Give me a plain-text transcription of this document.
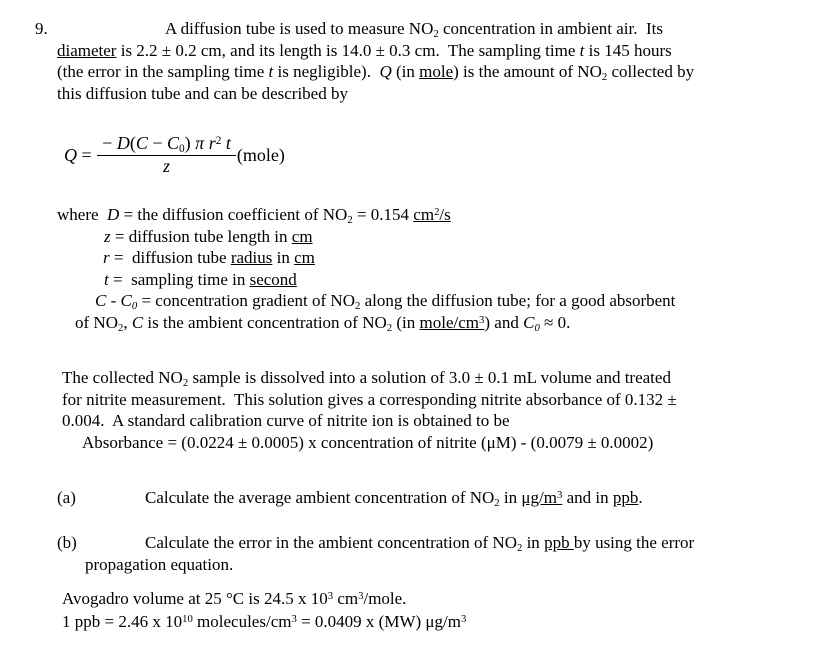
9.	A diffusion tube is used to measure NO2 concentration in ambient air.  Its
diameter is 2.2 ± 0.2 cm, and its length is 14.0 ± 0.3 cm.  The sampling time t is 145 hours
(the error in the sampling time t is negligible).  Q (in mole) is the amount of NO2 collected by
this diffusion tube and can be described by
$Q = \frac{- D(C - C0) \pi r^2 t}{z}$ (mole)
where  D = the diffusion coefficient of NO2 = 0.154 $cm^2/s$
z = diffusion tube length in cm
r =  diffusion tube radius in cm
t =  sampling time in second
C - C0 = concentration gradient of NO2 along the diffusion tube; for a good absorbent
of NO2, C is the ambient concentration of NO2 (in mole/$cm^3$) and C0 ≈ 0.
The collected NO2 sample is dissolved into a solution of 3.0 ± 0.1 mL volume and treated
for nitrite measurement.  This solution gives a corresponding nitrite absorbance of 0.132 ±
0.004.  A standard calibration curve of nitrite ion is obtained to be
Absorbance = (0.0224 ± 0.0005) x concentration of nitrite (μM) - (0.0079 ± 0.0002)
(a)	Calculate the average ambient concentration of NO2 in $\mu g/m^3$ and in ppb.
(b)	Calculate the error in the ambient concentration of NO2 in ppb by using the error
propagation equation.
Avogadro volume at 25 °C is 24.5 x $10^3$ $cm^3$/mole.
1 ppb = 2.46 x $10^{10}$ molecules/$cm^3 = 0.0409$ x (MW) $\mu g/m^3$
